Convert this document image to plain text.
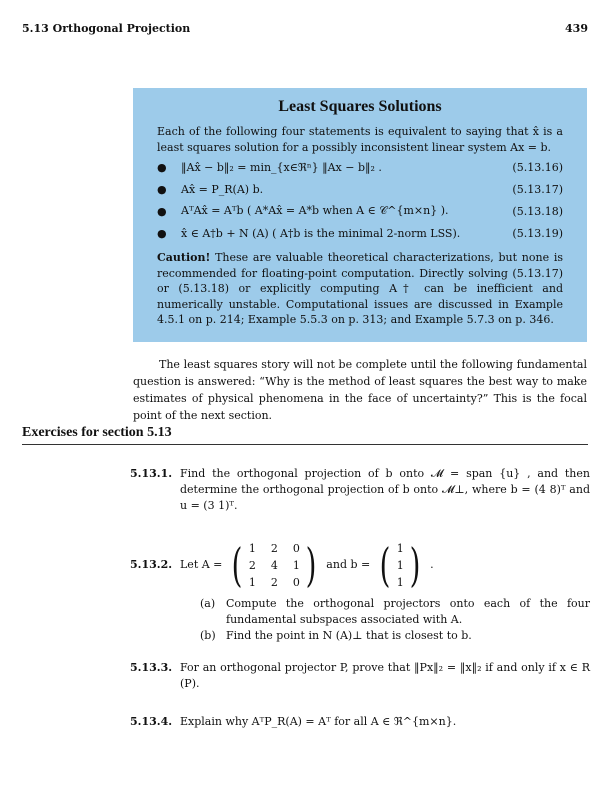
5.13 Orthogonal Projection	439
Least Squares Solutions
Each of the following four statements is equivalent to saying that x̂ is a least squares solution for a possibly inconsistent linear system Ax = b.
●	‖Ax̂ − b‖₂ = min_{x∈ℜⁿ} ‖Ax − b‖₂ .	(5.13.16)
●	Ax̂ = P_R(A) b.	(5.13.17)
●	AᵀAx̂ = Aᵀb ( A*Ax̂ = A*b when A ∈ 𝒞^{m×n} ).	(5.13.18)
●	x̂ ∈ A†b + N (A) ( A†b is the minimal 2-norm LSS).	(5.13.19)
Caution! These are valuable theoretical characterizations, but none is recommended for floating-point computation. Directly solving (5.13.17) or (5.13.18) or explicitly computing A† can be inefficient and numerically unstable. Computational issues are discussed in Example 4.5.1 on p. 214; Example 5.5.3 on p. 313; and Example 5.7.3 on p. 346.
The least squares story will not be complete until the following fundamental question is answered: “Why is the method of least squares the best way to make estimates of physical phenomena in the face of uncertainty?” This is the focal point of the next section.
Exercises for section 5.13
5.13.1. Find the orthogonal projection of b onto 𝓜 = span {u} , and then determine the orthogonal projection of b onto 𝓜⊥, where b = (4 8)ᵀ and u = (3 1)ᵀ.
5.13.2. Let A = ( 1 2 0
2 4 1
1 2 0 ) and b = ( 1
1
1 ) .
(a) Compute the orthogonal projectors onto each of the four fundamental subspaces associated with A.
(b) Find the point in N (A)⊥ that is closest to b.
5.13.3. For an orthogonal projector P, prove that ‖Px‖₂ = ‖x‖₂ if and only if x ∈ R (P).
5.13.4. Explain why AᵀP_R(A) = Aᵀ for all A ∈ ℜ^{m×n}.
